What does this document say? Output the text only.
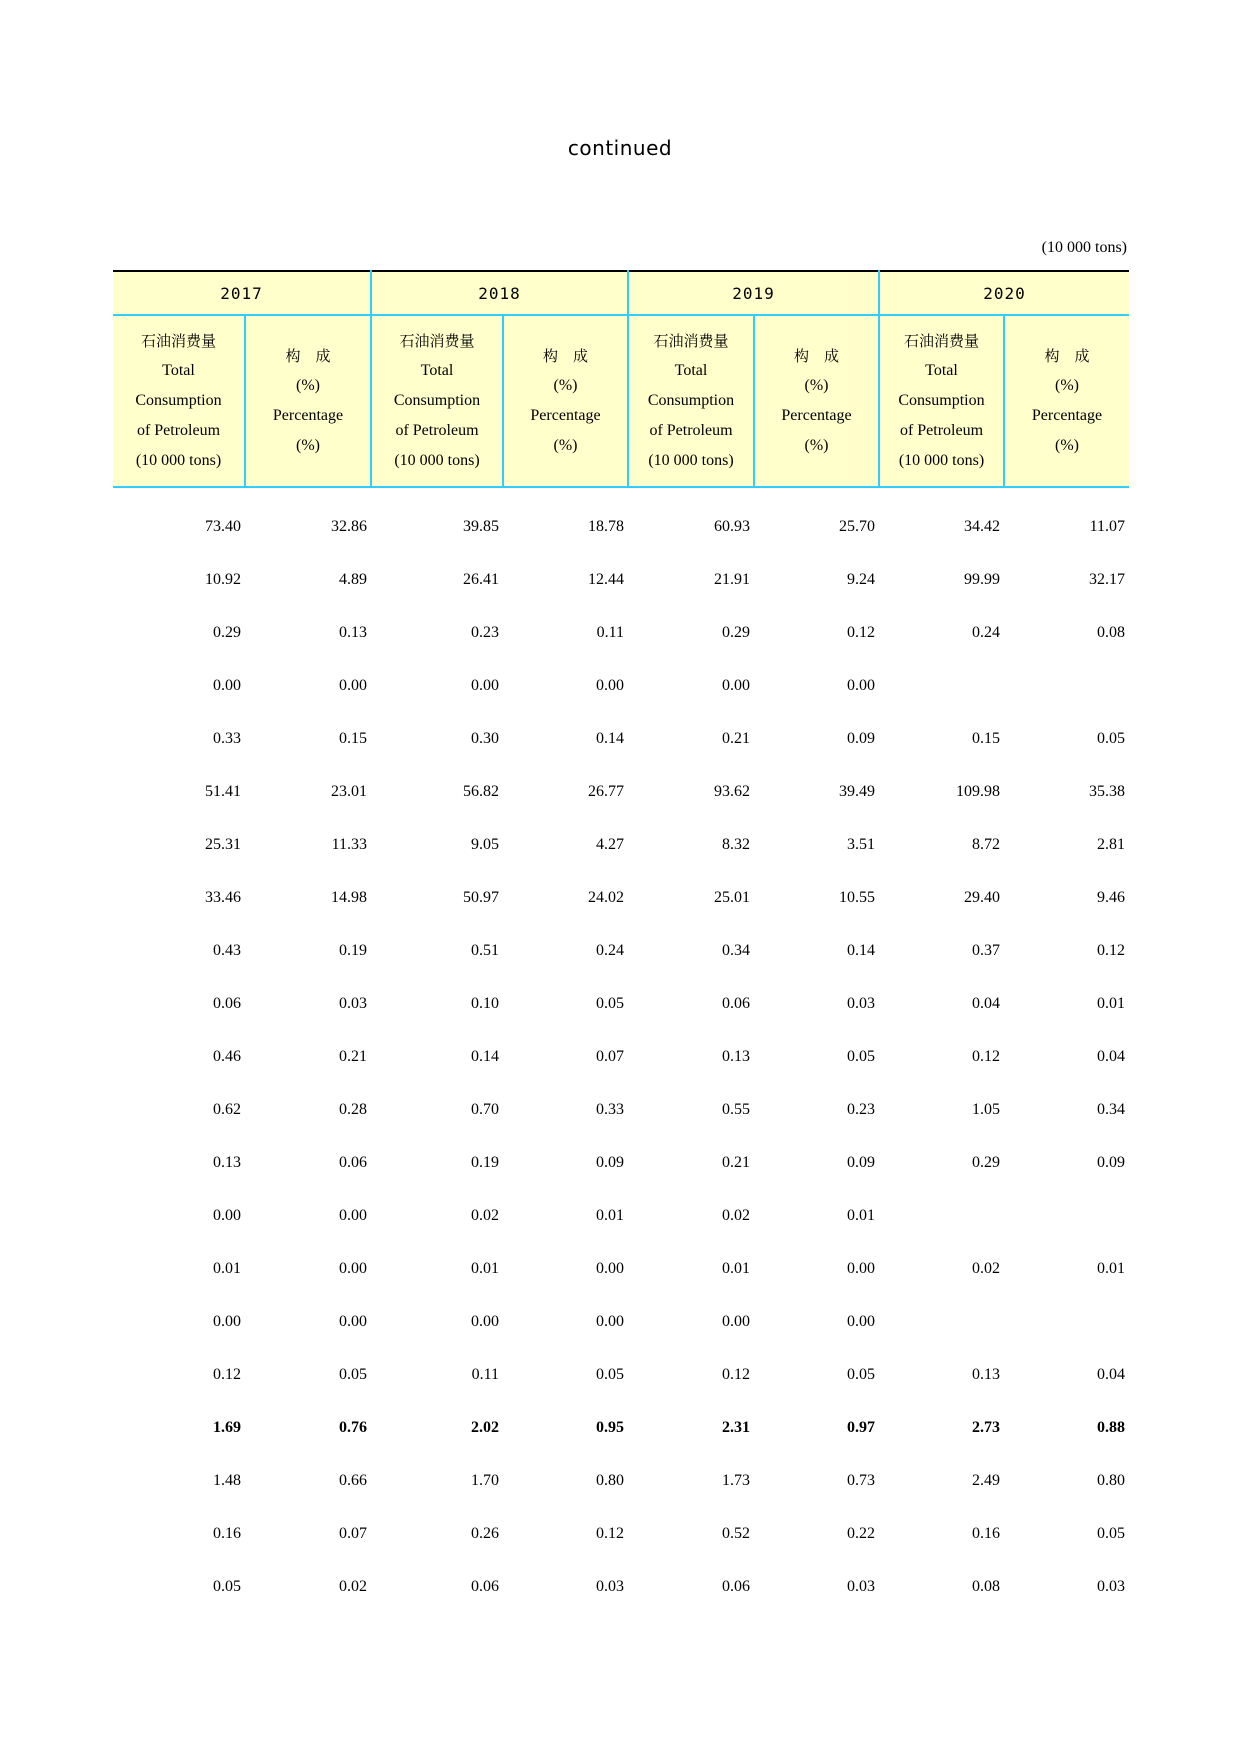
continued
(10 000 tons)
2017		2018		2019		2020	

石油消费量
Total
Consumption
of Petroleum
(10 000 tons)	构　成
(%)
Percentage
(%)	石油消费量
Total
Consumption
of Petroleum
(10 000 tons)	构　成
(%)
Percentage
(%)	石油消费量
Total
Consumption
of Petroleum
(10 000 tons)	构　成
(%)
Percentage
(%)	石油消费量
Total
Consumption
of Petroleum
(10 000 tons)	构　成
(%)
Percentage
(%)

73.40	32.86	39.85	18.78	60.93	25.70	34.42	11.07
10.92	4.89	26.41	12.44	21.91	9.24	99.99	32.17
0.29	0.13	0.23	0.11	0.29	0.12	0.24	0.08
0.00	0.00	0.00	0.00	0.00	0.00		
0.33	0.15	0.30	0.14	0.21	0.09	0.15	0.05
51.41	23.01	56.82	26.77	93.62	39.49	109.98	35.38
25.31	11.33	9.05	4.27	8.32	3.51	8.72	2.81
33.46	14.98	50.97	24.02	25.01	10.55	29.40	9.46
0.43	0.19	0.51	0.24	0.34	0.14	0.37	0.12
0.06	0.03	0.10	0.05	0.06	0.03	0.04	0.01
0.46	0.21	0.14	0.07	0.13	0.05	0.12	0.04
0.62	0.28	0.70	0.33	0.55	0.23	1.05	0.34
0.13	0.06	0.19	0.09	0.21	0.09	0.29	0.09
0.00	0.00	0.02	0.01	0.02	0.01		
0.01	0.00	0.01	0.00	0.01	0.00	0.02	0.01
0.00	0.00	0.00	0.00	0.00	0.00		
0.12	0.05	0.11	0.05	0.12	0.05	0.13	0.04
1.69	0.76	2.02	0.95	2.31	0.97	2.73	0.88
1.48	0.66	1.70	0.80	1.73	0.73	2.49	0.80
0.16	0.07	0.26	0.12	0.52	0.22	0.16	0.05
0.05	0.02	0.06	0.03	0.06	0.03	0.08	0.03
